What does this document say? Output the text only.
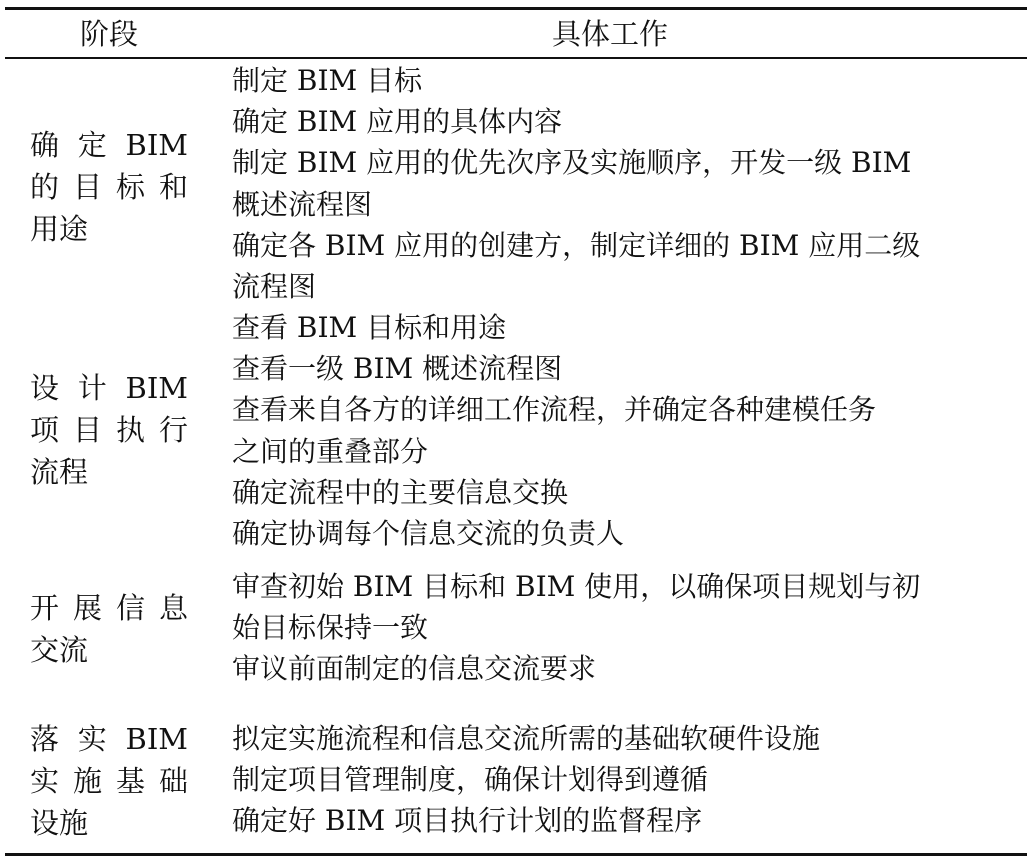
阶段	具体工作
确 定 BIM
的 目 标 和
用途
制定 BIM 目标
确定 BIM 应用的具体内容
制定 BIM 应用的优先次序及实施顺序，开发一级 BIM
概述流程图
确定各 BIM 应用的创建方，制定详细的 BIM 应用二级
流程图
设 计 BIM
项 目 执 行
流程
查看 BIM 目标和用途
查看一级 BIM 概述流程图
查看来自各方的详细工作流程，并确定各种建模任务
之间的重叠部分
确定流程中的主要信息交换
确定协调每个信息交流的负责人
开 展 信 息
交流
审查初始 BIM 目标和 BIM 使用，以确保项目规划与初
始目标保持一致
审议前面制定的信息交流要求
落 实 BIM
实 施 基 础
设施
拟定实施流程和信息交流所需的基础软硬件设施
制定项目管理制度，确保计划得到遵循
确定好 BIM 项目执行计划的监督程序
